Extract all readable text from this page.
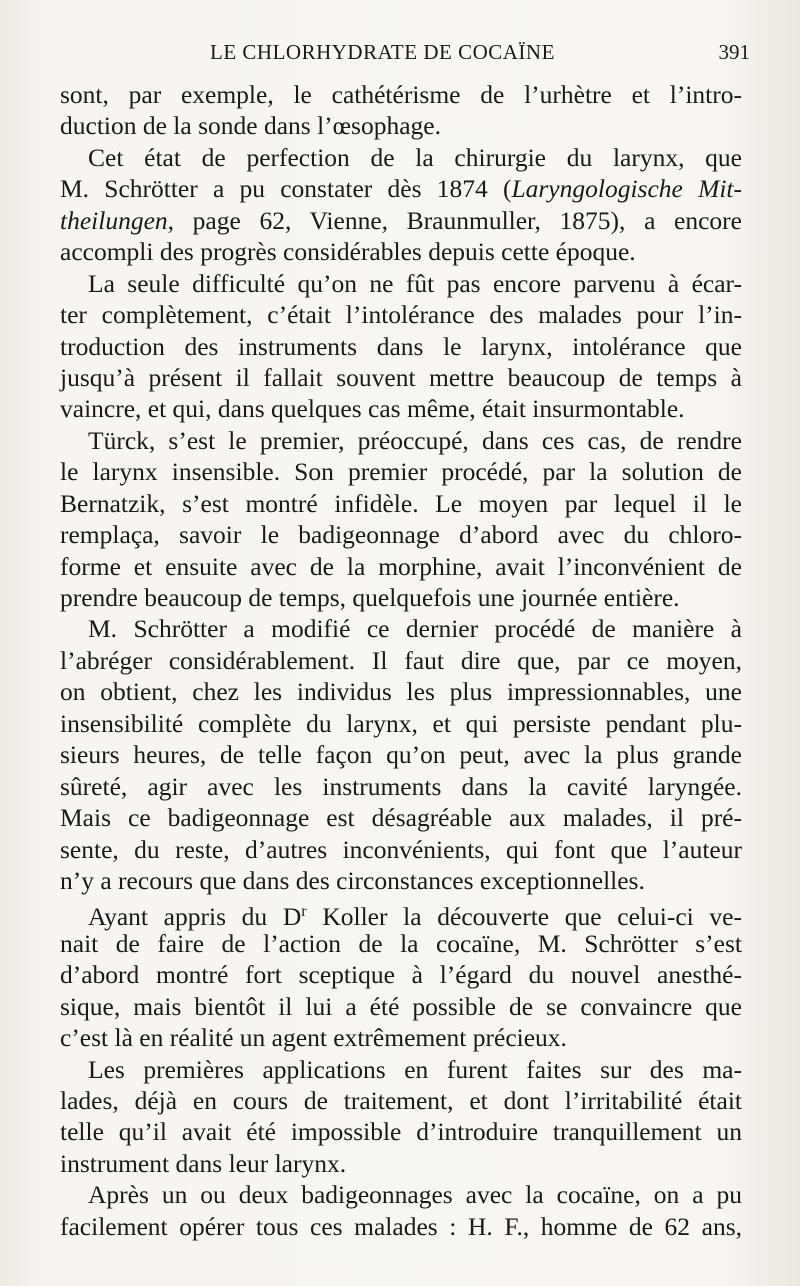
LE CHLORHYDRATE DE COCAÏNE	391
sont, par exemple, le cathétérisme de l’urhètre et l’intro-
duction de la sonde dans l’œsophage.
Cet état de perfection de la chirurgie du larynx, que
M. Schrötter a pu constater dès 1874 (Laryngologische Mit-
theilungen, page 62, Vienne, Braunmuller, 1875), a encore
accompli des progrès considérables depuis cette époque.
La seule difficulté qu’on ne fût pas encore parvenu à écar-
ter complètement, c’était l’intolérance des malades pour l’in-
troduction des instruments dans le larynx, intolérance que
jusqu’à présent il fallait souvent mettre beaucoup de temps à
vaincre, et qui, dans quelques cas même, était insurmontable.
Türck, s’est le premier, préoccupé, dans ces cas, de rendre
le larynx insensible. Son premier procédé, par la solution de
Bernatzik, s’est montré infidèle. Le moyen par lequel il le
remplaça, savoir le badigeonnage d’abord avec du chloro-
forme et ensuite avec de la morphine, avait l’inconvénient de
prendre beaucoup de temps, quelquefois une journée entière.
M. Schrötter a modifié ce dernier procédé de manière à
l’abréger considérablement. Il faut dire que, par ce moyen,
on obtient, chez les individus les plus impressionnables, une
insensibilité complète du larynx, et qui persiste pendant plu-
sieurs heures, de telle façon qu’on peut, avec la plus grande
sûreté, agir avec les instruments dans la cavité laryngée.
Mais ce badigeonnage est désagréable aux malades, il pré-
sente, du reste, d’autres inconvénients, qui font que l’auteur
n’y a recours que dans des circonstances exceptionnelles.
Ayant appris du $D^r$ Koller la découverte que celui-ci ve-
nait de faire de l’action de la cocaïne, M. Schrötter s’est
d’abord montré fort sceptique à l’égard du nouvel anesthé-
sique, mais bientôt il lui a été possible de se convaincre que
c’est là en réalité un agent extrêmement précieux.
Les premières applications en furent faites sur des ma-
lades, déjà en cours de traitement, et dont l’irritabilité était
telle qu’il avait été impossible d’introduire tranquillement un
instrument dans leur larynx.
Après un ou deux badigeonnages avec la cocaïne, on a pu
facilement opérer tous ces malades : H. F., homme de 62 ans,
